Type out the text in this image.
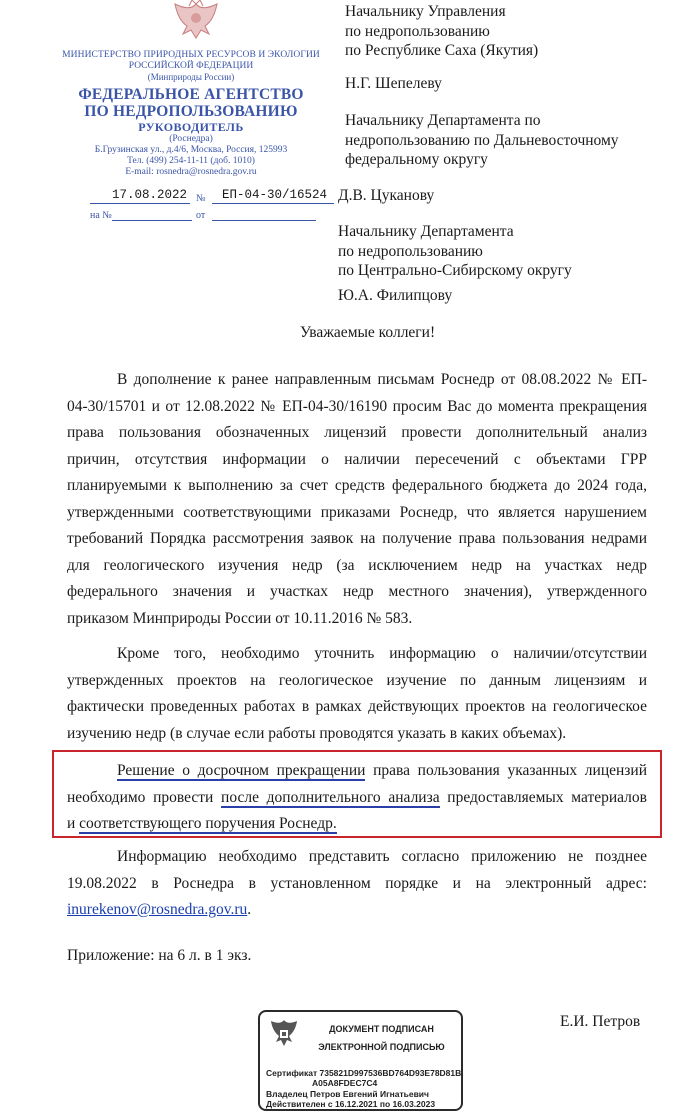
МИНИСТЕРСТВО ПРИРОДНЫХ РЕСУРСОВ И ЭКОЛОГИИ
РОССИЙСКОЙ ФЕДЕРАЦИИ
(Минприроды России)
ФЕДЕРАЛЬНОЕ АГЕНТСТВО
ПО НЕДРОПОЛЬЗОВАНИЮ
РУКОВОДИТЕЛЬ
(Роснедра)
Б.Грузинская ул., д.4/6, Москва, Россия, 125993
Тел. (499) 254-11-11 (доб. 1010)
E-mail: rosnedra@rosnedra.gov.ru
17.08.2022 № ЕП-04-30/16524
на №	от
Начальнику Управления
по недропользованию
по Республике Саха (Якутия)
Н.Г. Шепелеву
Начальнику Департамента по
недропользованию по Дальневосточному
федеральному округу
Д.В. Цуканову
Начальнику Департамента
по недропользованию
по Центрально-Сибирскому округу
Ю.А. Филипцову
Уважаемые коллеги!
В дополнение к ранее направленным письмам Роснедр от 08.08.2022 № ЕП-
04-30/15701 и от 12.08.2022 № ЕП-04-30/16190 просим Вас до момента прекращения
права пользования обозначенных лицензий провести дополнительный анализ
причин, отсутствия информации о наличии пересечений с объектами ГРР
планируемыми к выполнению за счет средств федерального бюджета до 2024 года,
утвержденными соответствующими приказами Роснедр, что является нарушением
требований Порядка рассмотрения заявок на получение права пользования недрами
для геологического изучения недр (за исключением недр на участках недр
федерального значения и участках недр местного значения), утвержденного
приказом Минприроды России от 10.11.2016 № 583.
Кроме того, необходимо уточнить информацию о наличии/отсутствии
утвержденных проектов на геологическое изучение по данным лицензиям и
фактически проведенных работах в рамках действующих проектов на геологическое
изучению недр (в случае если работы проводятся указать в каких объемах).
Решение о досрочном прекращении права пользования указанных лицензий
необходимо провести после дополнительного анализа предоставляемых материалов
и соответствующего поручения Роснедр.
Информацию необходимо представить согласно приложению не позднее
19.08.2022 в Роснедра в установленном порядке и на электронный адрес:
inurekenov@rosnedra.gov.ru.
Приложение: на 6 л. в 1 экз.
Е.И. Петров
ДОКУМЕНТ ПОДПИСАН
ЭЛЕКТРОННОЙ ПОДПИСЬЮ
Сертификат 735821D997536BD764D93E78D81B
A05A8FDEC7C4
Владелец Петров Евгений Игнатьевич
Действителен с 16.12.2021 по 16.03.2023
